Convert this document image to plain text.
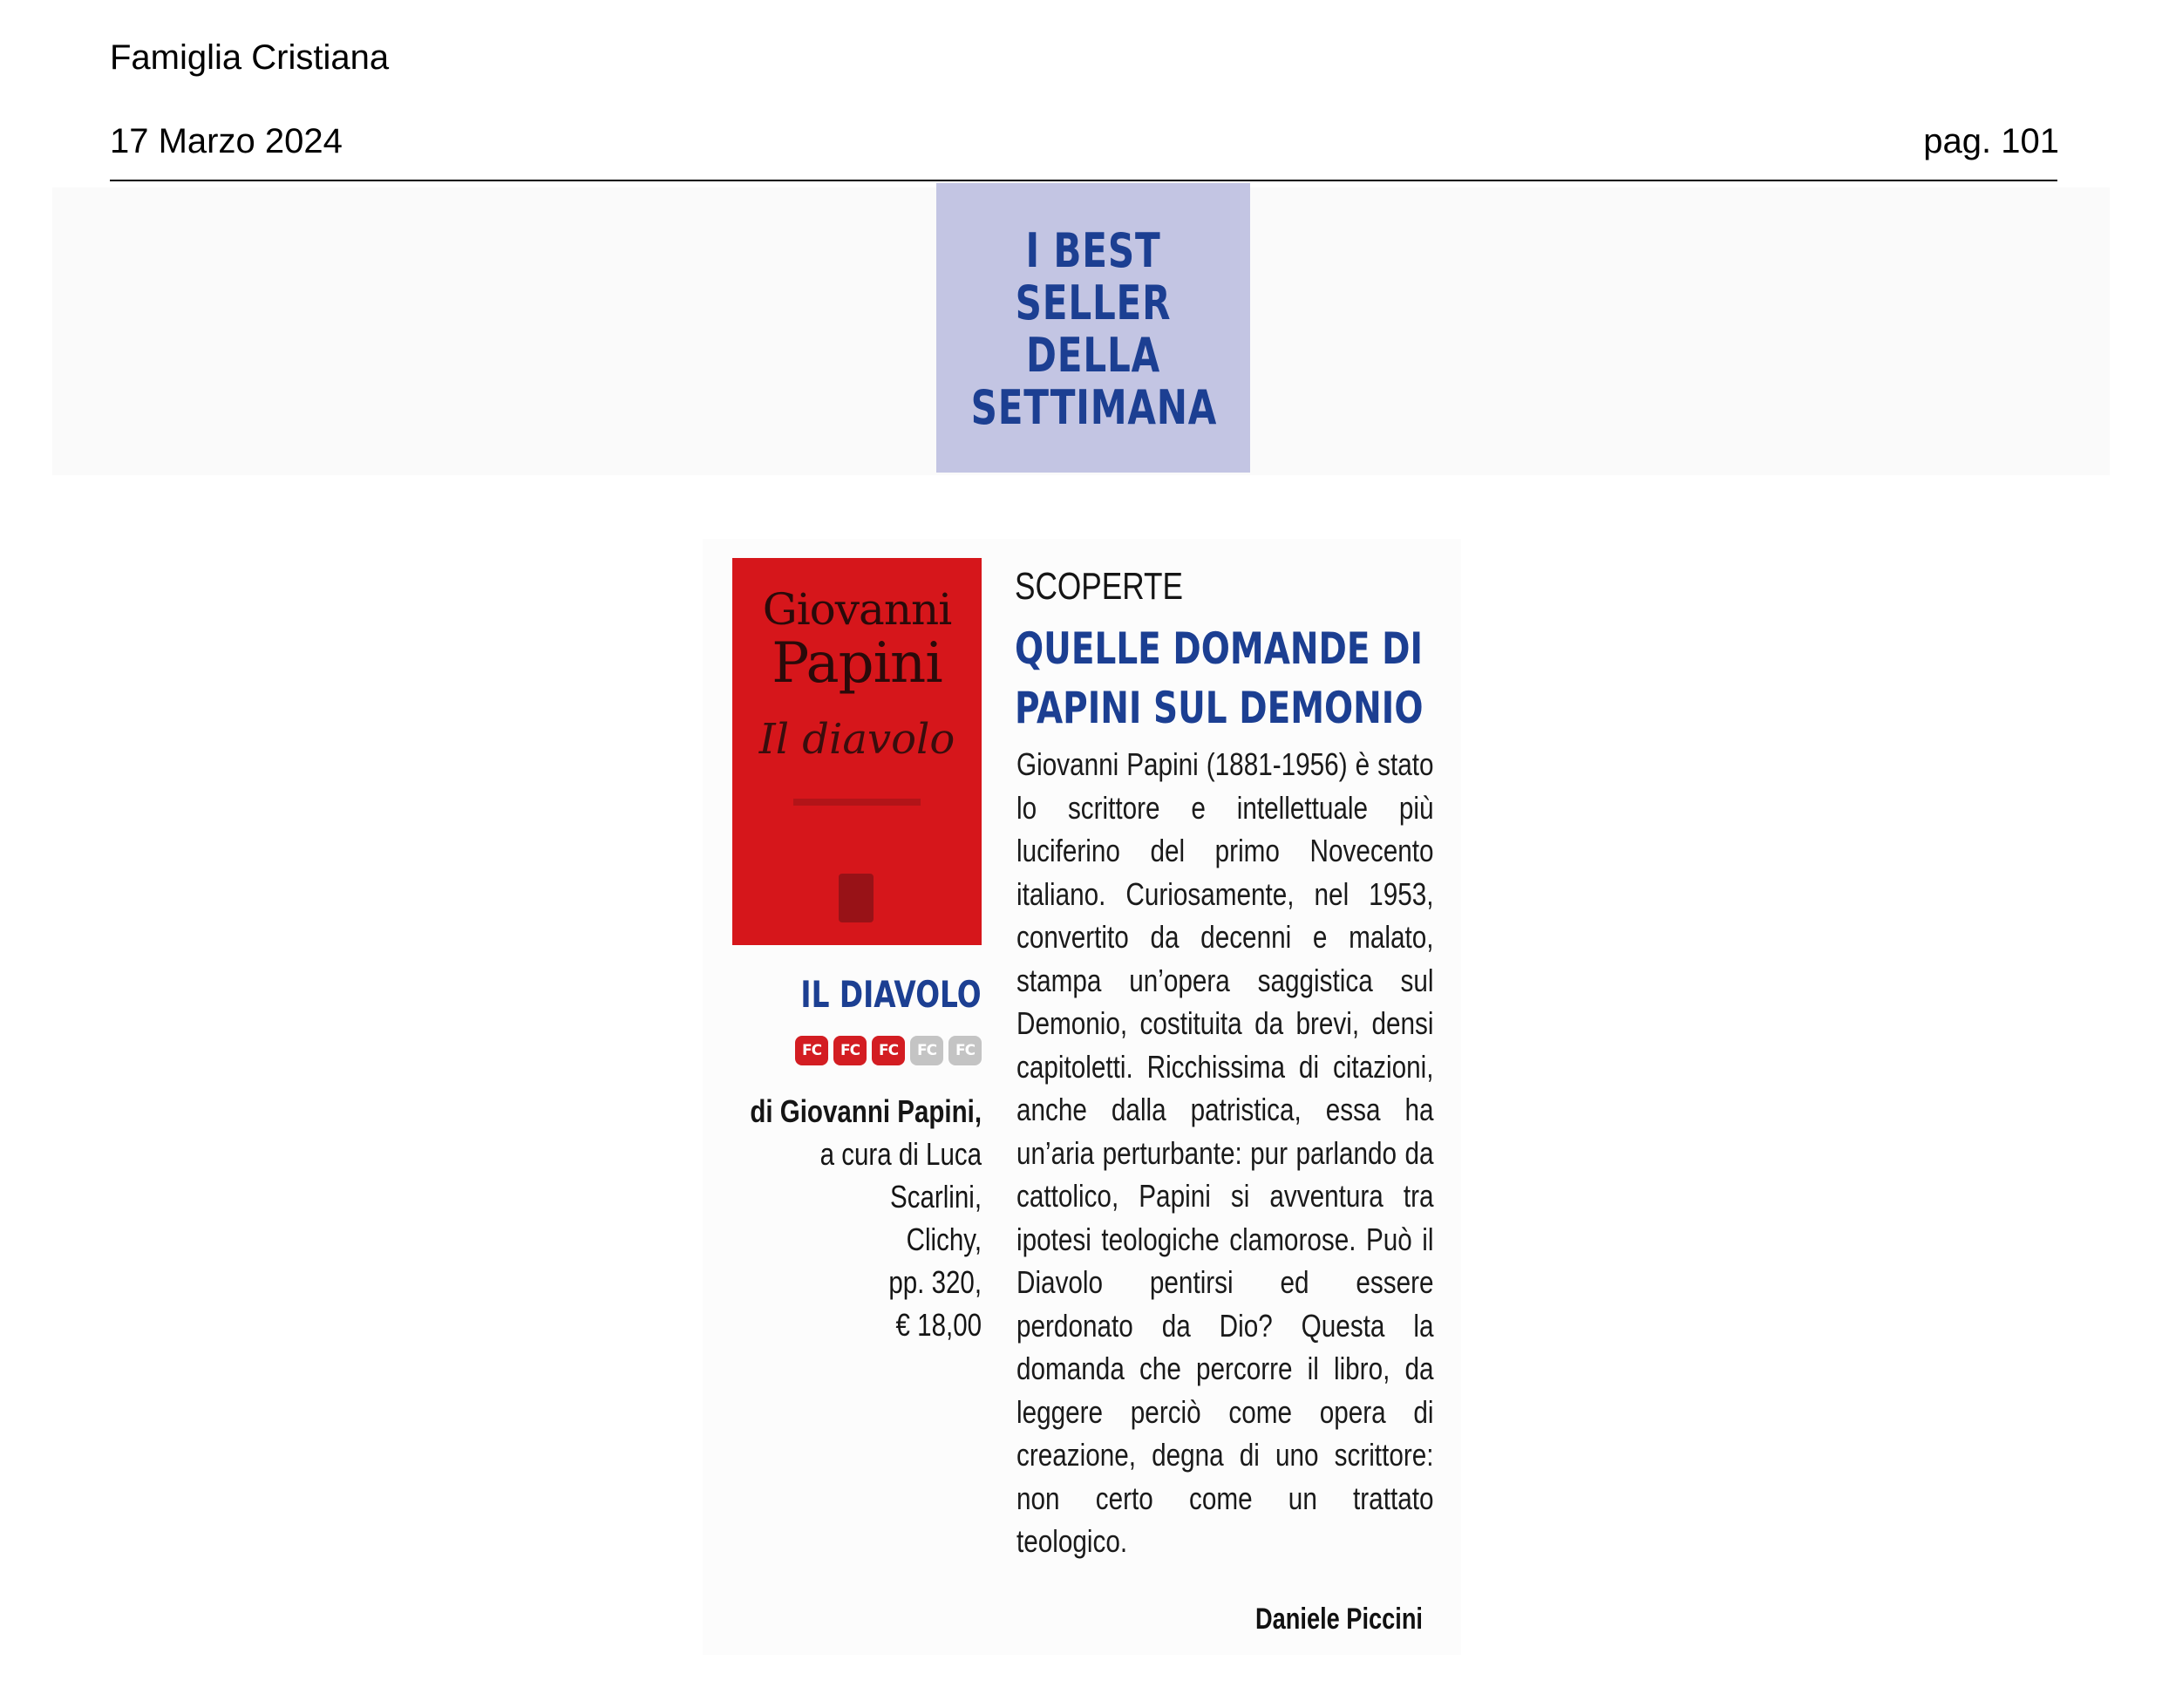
Famiglia Cristiana
17 Marzo 2024	pag. 101
I BEST
SELLER
DELLA
SETTIMANA
Giovanni
Papini
Il diavolo
IL DIAVOLO
FC	FC	FC	FC	FC
di Giovanni Papini,
a cura di Luca
Scarlini,
Clichy,
pp. 320,
€ 18,00
SCOPERTE
QUELLE DOMANDE DI
PAPINI SUL DEMONIO

Giovanni Papini (1881-1956) è stato lo scrittore e intellettuale più luciferino del primo Novecento italiano. Curiosamente, nel 1953, convertito da decenni e malato, stampa un’opera saggistica sul Demonio, costituita da brevi, densi capitoletti. Ricchissima di citazioni, anche dalla patristica, essa ha un’aria perturbante: pur parlando da cattolico, Papini si avventura tra ipotesi teologiche clamorose. Può il Diavolo pentirsi ed essere perdonato da Dio? Questa la domanda che percorre il libro, da leggere perciò come opera di creazione, degna di uno scrittore: non certo come un trattato teologico.

Daniele Piccini
